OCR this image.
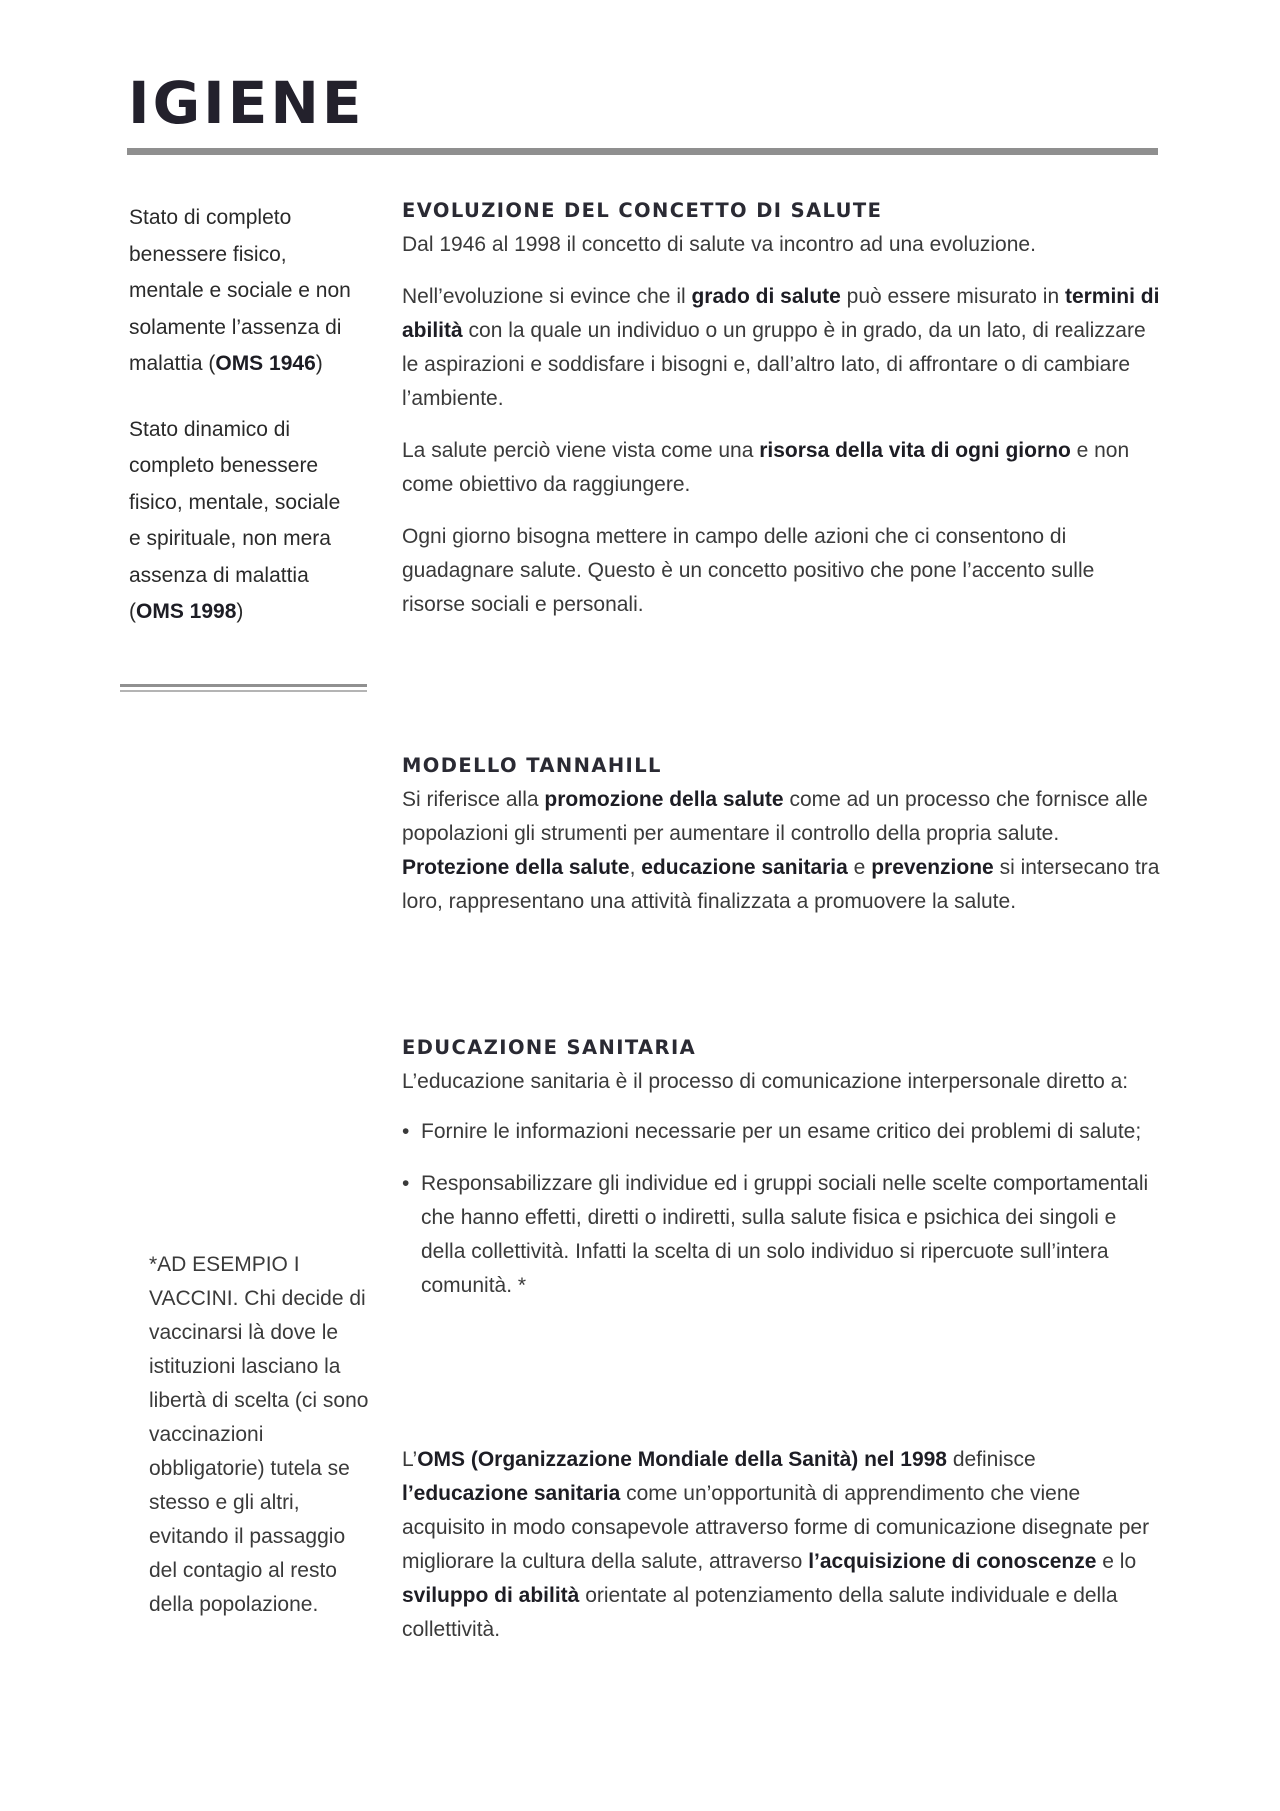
IGIENE

Stato di completo benessere fisico, mentale e sociale e non solamente l’assenza di malattia (OMS 1946)

Stato dinamico di completo benessere fisico, mentale, sociale e spirituale, non mera assenza di malattia (OMS 1998)

EVOLUZIONE DEL CONCETTO DI SALUTE

Dal 1946 al 1998 il concetto di salute va incontro ad una evoluzione.

Nell’evoluzione si evince che il grado di salute può essere misurato in termini di abilità con la quale un individuo o un gruppo è in grado, da un lato, di realizzare le aspirazioni e soddisfare i bisogni e, dall’altro lato, di affrontare o di cambiare l’ambiente.

La salute perciò viene vista come una risorsa della vita di ogni giorno e non come obiettivo da raggiungere.

Ogni giorno bisogna mettere in campo delle azioni che ci consentono di guadagnare salute. Questo è un concetto positivo che pone l’accento sulle risorse sociali e personali.

MODELLO TANNAHILL

Si riferisce alla promozione della salute come ad un processo che fornisce alle popolazioni gli strumenti per aumentare il controllo della propria salute. Protezione della salute, educazione sanitaria e prevenzione si intersecano tra loro, rappresentano una attività finalizzata a promuovere la salute.

EDUCAZIONE SANITARIA

L’educazione sanitaria è il processo di comunicazione interpersonale diretto a:

• Fornire le informazioni necessarie per un esame critico dei problemi di salute;
• Responsabilizzare gli individue ed i gruppi sociali nelle scelte comportamentali che hanno effetti, diretti o indiretti, sulla salute fisica e psichica dei singoli e della collettività. Infatti la scelta di un solo individuo si ripercuote sull’intera comunità. *

L’OMS (Organizzazione Mondiale della Sanità) nel 1998 definisce l’educazione sanitaria come un’opportunità di apprendimento che viene acquisito in modo consapevole attraverso forme di comunicazione disegnate per migliorare la cultura della salute, attraverso l’acquisizione di conoscenze e lo sviluppo di abilità orientate al potenziamento della salute individuale e della collettività.

*AD ESEMPIO I VACCINI. Chi decide di vaccinarsi là dove le istituzioni lasciano la libertà di scelta (ci sono vaccinazioni obbligatorie) tutela se stesso e gli altri, evitando il passaggio del contagio al resto della popolazione.
